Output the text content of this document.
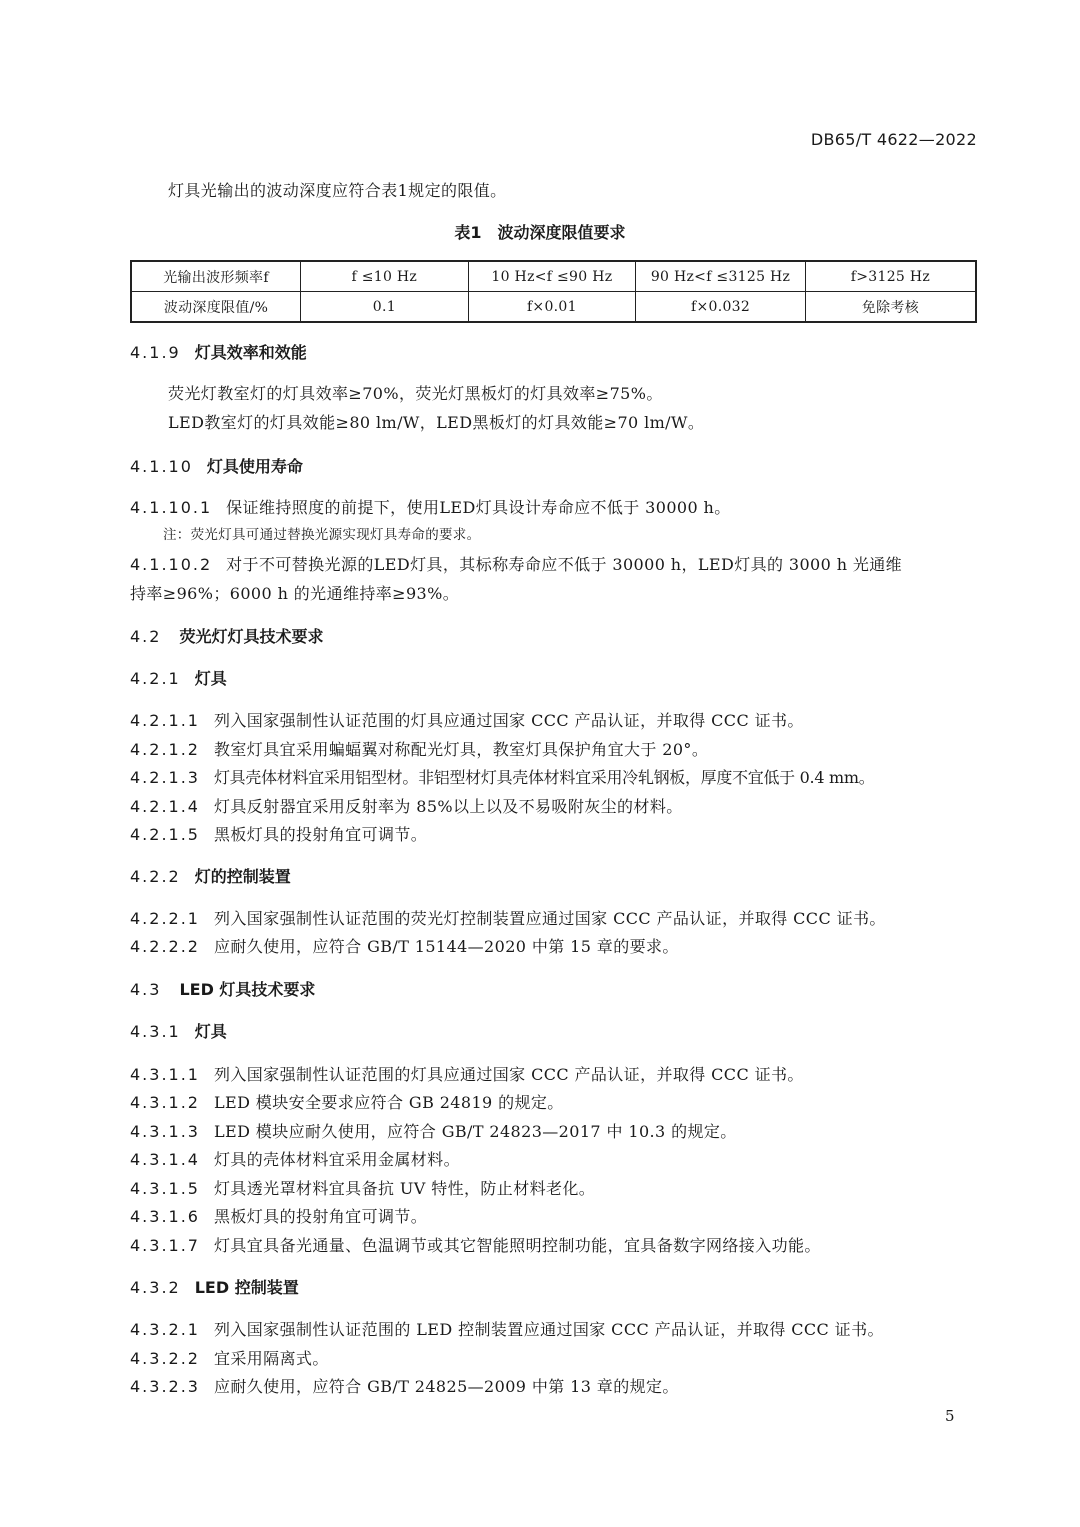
DB65/T 4622—2022
灯具光输出的波动深度应符合表1规定的限值。
表1　波动深度限值要求
光输出波形频率f	f ≤10 Hz	10 Hz<f ≤90 Hz	90 Hz<f ≤3125 Hz	f>3125 Hz
波动深度限值/%	0.1	f×0.01	f×0.032	免除考核
4.1.9 灯具效率和效能
荧光灯教室灯的灯具效率≥70%，荧光灯黑板灯的灯具效率≥75%。
LED教室灯的灯具效能≥80 lm/W，LED黑板灯的灯具效能≥70 lm/W。
4.1.10 灯具使用寿命
4.1.10.1 保证维持照度的前提下，使用LED灯具设计寿命应不低于 30000 h。
注：荧光灯具可通过替换光源实现灯具寿命的要求。
4.1.10.2 对于不可替换光源的LED灯具，其标称寿命应不低于 30000 h，LED灯具的 3000 h 光通维
持率≥96%；6000 h 的光通维持率≥93%。
4.2 荧光灯灯具技术要求
4.2.1 灯具
4.2.1.1 列入国家强制性认证范围的灯具应通过国家 CCC 产品认证，并取得 CCC 证书。
4.2.1.2 教室灯具宜采用蝙蝠翼对称配光灯具，教室灯具保护角宜大于 20°。
4.2.1.3 灯具壳体材料宜采用铝型材。非铝型材灯具壳体材料宜采用冷轧钢板，厚度不宜低于 0.4 mm。
4.2.1.4 灯具反射器宜采用反射率为 85%以上以及不易吸附灰尘的材料。
4.2.1.5 黑板灯具的投射角宜可调节。
4.2.2 灯的控制装置
4.2.2.1 列入国家强制性认证范围的荧光灯控制装置应通过国家 CCC 产品认证，并取得 CCC 证书。
4.2.2.2 应耐久使用，应符合 GB/T 15144—2020 中第 15 章的要求。
4.3 LED 灯具技术要求
4.3.1 灯具
4.3.1.1 列入国家强制性认证范围的灯具应通过国家 CCC 产品认证，并取得 CCC 证书。
4.3.1.2 LED 模块安全要求应符合 GB 24819 的规定。
4.3.1.3 LED 模块应耐久使用，应符合 GB/T 24823—2017 中 10.3 的规定。
4.3.1.4 灯具的壳体材料宜采用金属材料。
4.3.1.5 灯具透光罩材料宜具备抗 UV 特性，防止材料老化。
4.3.1.6 黑板灯具的投射角宜可调节。
4.3.1.7 灯具宜具备光通量、色温调节或其它智能照明控制功能，宜具备数字网络接入功能。
4.3.2 LED 控制装置
4.3.2.1 列入国家强制性认证范围的 LED 控制装置应通过国家 CCC 产品认证，并取得 CCC 证书。
4.3.2.2 宜采用隔离式。
4.3.2.3 应耐久使用，应符合 GB/T 24825—2009 中第 13 章的规定。
5
